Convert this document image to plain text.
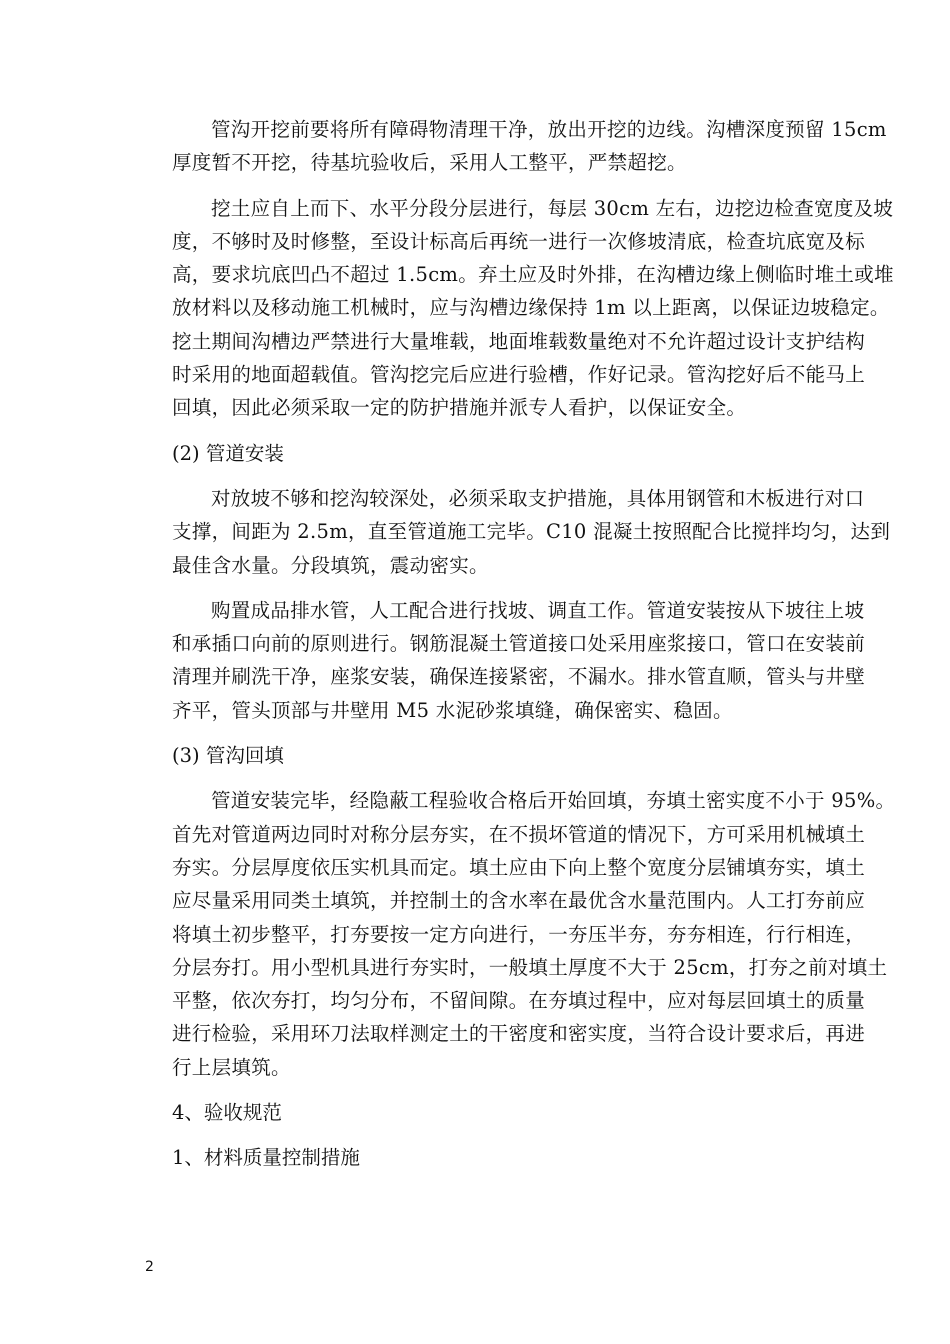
管沟开挖前要将所有障碍物清理干净，放出开挖的边线。沟槽深度预留 15cm
厚度暂不开挖，待基坑验收后，采用人工整平，严禁超挖。
挖土应自上而下、水平分段分层进行，每层 30cm 左右，边挖边检查宽度及坡
度，不够时及时修整，至设计标高后再统一进行一次修坡清底，检查坑底宽及标
高，要求坑底凹凸不超过 1.5cm。弃土应及时外排，在沟槽边缘上侧临时堆土或堆
放材料以及移动施工机械时，应与沟槽边缘保持 1m 以上距离，以保证边坡稳定。
挖土期间沟槽边严禁进行大量堆载，地面堆载数量绝对不允许超过设计支护结构
时采用的地面超载值。管沟挖完后应进行验槽，作好记录。管沟挖好后不能马上
回填，因此必须采取一定的防护措施并派专人看护，以保证安全。

(2) 管道安装

对放坡不够和挖沟较深处，必须采取支护措施，具体用钢管和木板进行对口
支撑，间距为 2.5m，直至管道施工完毕。C10 混凝土按照配合比搅拌均匀，达到
最佳含水量。分段填筑，震动密实。
购置成品排水管，人工配合进行找坡、调直工作。管道安装按从下坡往上坡
和承插口向前的原则进行。钢筋混凝土管道接口处采用座浆接口，管口在安装前
清理并刷洗干净，座浆安装，确保连接紧密，不漏水。排水管直顺，管头与井壁
齐平，管头顶部与井壁用 M5 水泥砂浆填缝，确保密实、稳固。

(3) 管沟回填

管道安装完毕，经隐蔽工程验收合格后开始回填，夯填土密实度不小于 95%。
首先对管道两边同时对称分层夯实，在不损坏管道的情况下，方可采用机械填土
夯实。分层厚度依压实机具而定。填土应由下向上整个宽度分层铺填夯实，填土
应尽量采用同类土填筑，并控制土的含水率在最优含水量范围内。人工打夯前应
将填土初步整平，打夯要按一定方向进行，一夯压半夯，夯夯相连，行行相连，
分层夯打。用小型机具进行夯实时，一般填土厚度不大于 25cm，打夯之前对填土
平整，依次夯打，均匀分布，不留间隙。在夯填过程中，应对每层回填土的质量
进行检验，采用环刀法取样测定土的干密度和密实度，当符合设计要求后，再进
行上层填筑。

4、验收规范

1、材料质量控制措施

2
